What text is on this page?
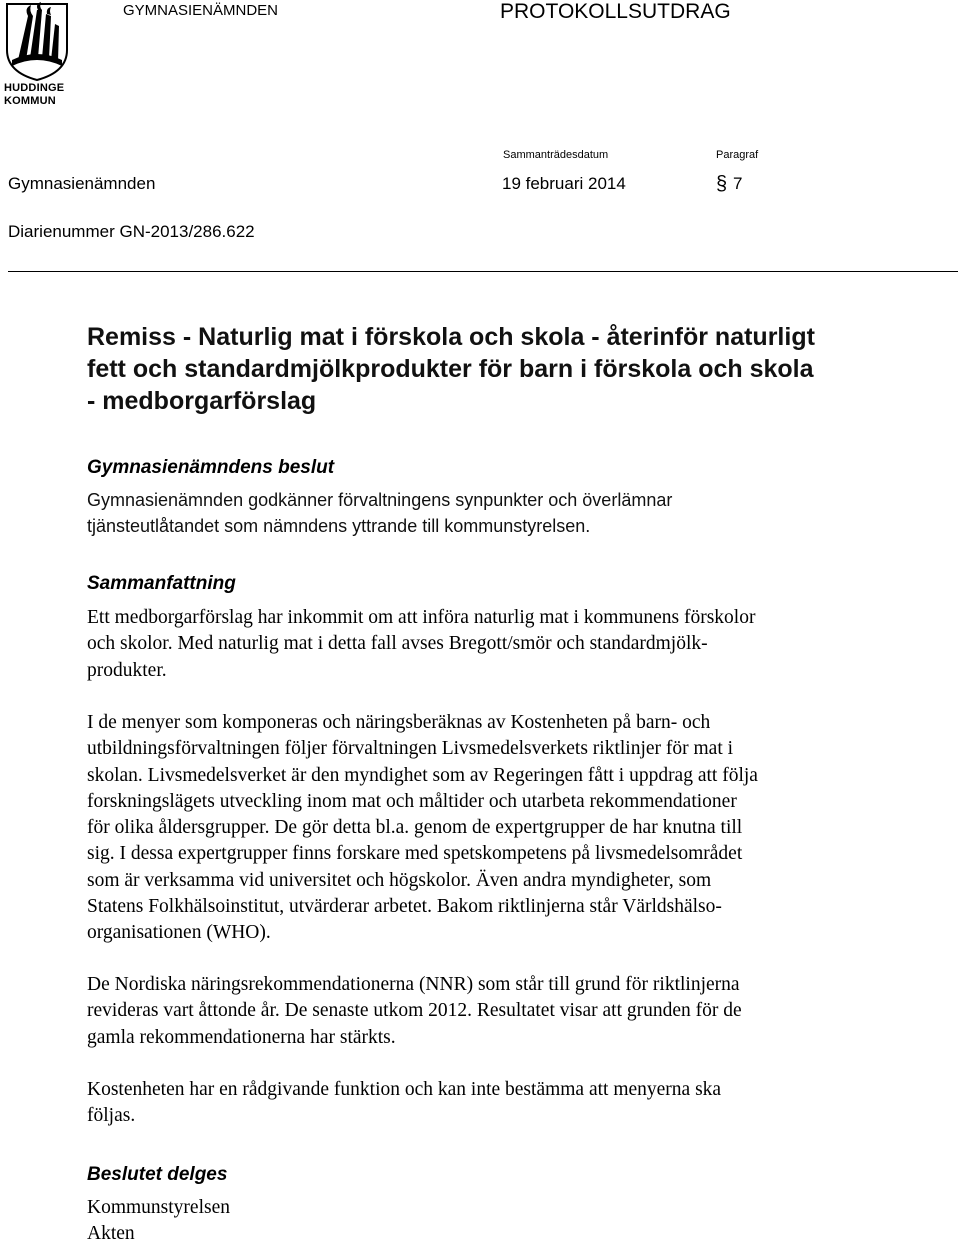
HUDDINGE
KOMMUN
GYMNASIENÄMNDEN	PROTOKOLLSUTDRAG
Sammanträdesdatum	Paragraf
Gymnasienämnden	19 februari 2014	§ 7
Diarienummer GN-2013/286.622
Remiss - Naturlig mat i förskola och skola - återinför naturligt
fett och standardmjölkprodukter för barn i förskola och skola
- medborgarförslag
Gymnasienämndens beslut
Gymnasienämnden godkänner förvaltningens synpunkter och överlämnar
tjänsteutlåtandet som nämndens yttrande till kommunstyrelsen.
Sammanfattning
Ett medborgarförslag har inkommit om att införa naturlig mat i kommunens förskolor
och skolor. Med naturlig mat i detta fall avses Bregott/smör och standardmjölk-
produkter.
I de menyer som komponeras och näringsberäknas av Kostenheten på barn- och
utbildningsförvaltningen följer förvaltningen Livsmedelsverkets riktlinjer för mat i
skolan. Livsmedelsverket är den myndighet som av Regeringen fått i uppdrag att följa
forskningslägets utveckling inom mat och måltider och utarbeta rekommendationer
för olika åldersgrupper. De gör detta bl.a. genom de expertgrupper de har knutna till
sig. I dessa expertgrupper finns forskare med spetskompetens på livsmedelsområdet
som är verksamma vid universitet och högskolor. Även andra myndigheter, som
Statens Folkhälsoinstitut, utvärderar arbetet. Bakom riktlinjerna står Världshälso-
organisationen (WHO).
De Nordiska näringsrekommendationerna (NNR) som står till grund för riktlinjerna
revideras vart åttonde år. De senaste utkom 2012. Resultatet visar att grunden för de
gamla rekommendationerna har stärkts.
Kostenheten har en rådgivande funktion och kan inte bestämma att menyerna ska
följas.
Beslutet delges
Kommunstyrelsen
Akten
